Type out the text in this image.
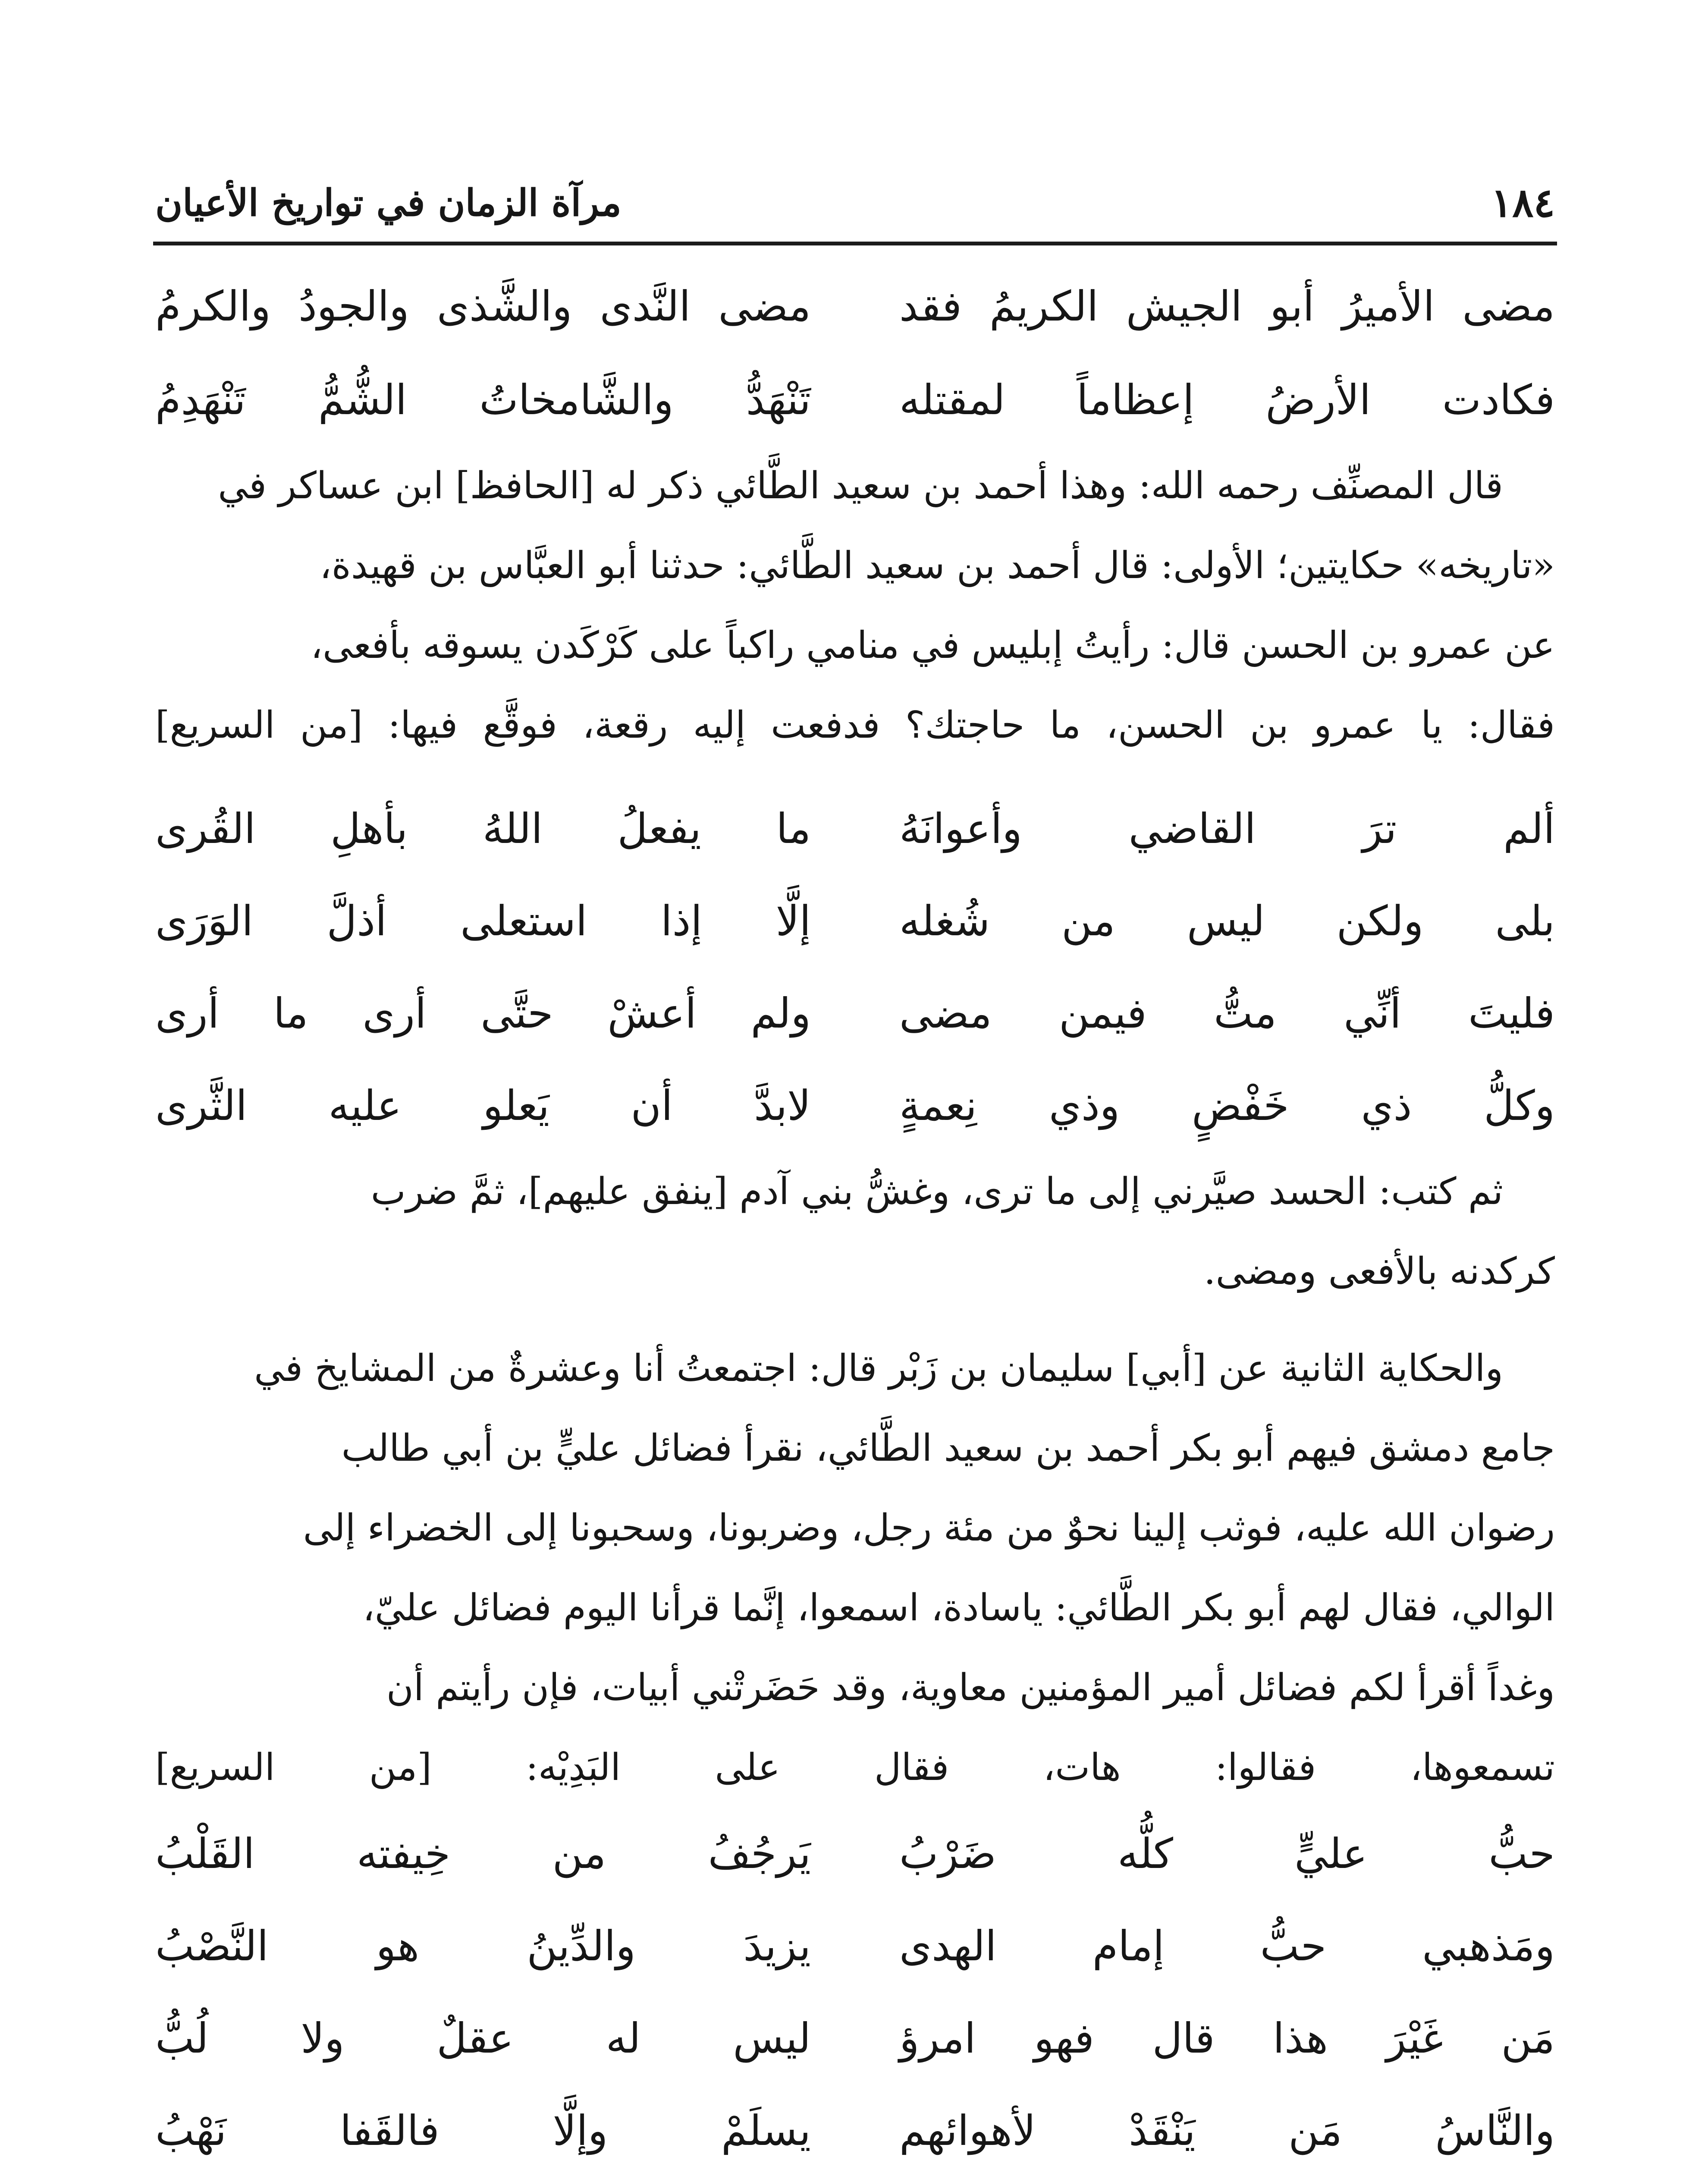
١٨٤
مرآة الزمان في تواريخ الأعيان
مضى الأميرُ أبو الجيش الكريمُ فقد
مضى النَّدى والشَّذى والجودُ والكرمُ
فكادت الأرضُ إعظاماً لمقتله
تَنْهَدُّ والشَّامخاتُ الشُّمُّ تَنْهَدِمُ

قال المصنِّف رحمه الله: وهذا أحمد بن سعيد الطَّائي ذكر له [الحافظ] ابن عساكر في

«تاريخه» حكايتين؛ الأولى: قال أحمد بن سعيد الطَّائي: حدثنا أبو العبَّاس بن قهيدة،

عن عمرو بن الحسن قال: رأيتُ إبليس في منامي راكباً على كَرْكَدن يسوقه بأفعى،

فقال: يا عمرو بن الحسن، ما حاجتك؟ فدفعت إليه رقعة، فوقَّع فيها: [من السريع]

ألم ترَ القاضي وأعوانَهُ
ما يفعلُ اللهُ بأهلِ القُرى
بلى ولكن ليس من شُغله
إلَّا إذا استعلى أذلَّ الوَرَى
فليتَ أنِّي متُّ فيمن مضى
ولم أعشْ حتَّى أرى ما أرى
وكلُّ ذي خَفْضٍ وذي نِعمةٍ
لابدَّ أن يَعلو عليه الثَّرى

ثم كتب: الحسد صيَّرني إلى ما ترى، وغشُّ بني آدم [ينفق عليهم]، ثمَّ ضرب

كركدنه بالأفعى ومضى.

والحكاية الثانية عن [أبي] سليمان بن زَبْر قال: اجتمعتُ أنا وعشرةٌ من المشايخ في

جامع دمشق فيهم أبو بكر أحمد بن سعيد الطَّائي، نقرأ فضائل عليٍّ بن أبي طالب

رضوان الله عليه، فوثب إلينا نحوٌ من مئة رجل، وضربونا، وسحبونا إلى الخضراء إلى

الوالي، فقال لهم أبو بكر الطَّائي: ياسادة، اسمعوا، إنَّما قرأنا اليوم فضائل عليّ،

وغداً أقرأ لكم فضائل أمير المؤمنين معاوية، وقد حَضَرتْني أبيات، فإن رأيتم أن

تسمعوها، فقالوا: هات، فقال على البَدِيْه: [من السريع]

حبُّ عليٍّ كلُّه ضَرْبُ
يَرجُفُ من خِيفته القَلْبُ
ومَذهبي حبُّ إمام الهدى
يزيدَ والدِّينُ هو النَّصْبُ
مَن غَيْرَ هذا قال فهو امرؤ
ليس له عقلٌ ولا لُبُّ
والنَّاسُ مَن يَنْقَدْ لأهوائهم
يسلَمْ وإلَّا فالقَفا نَهْبُ
